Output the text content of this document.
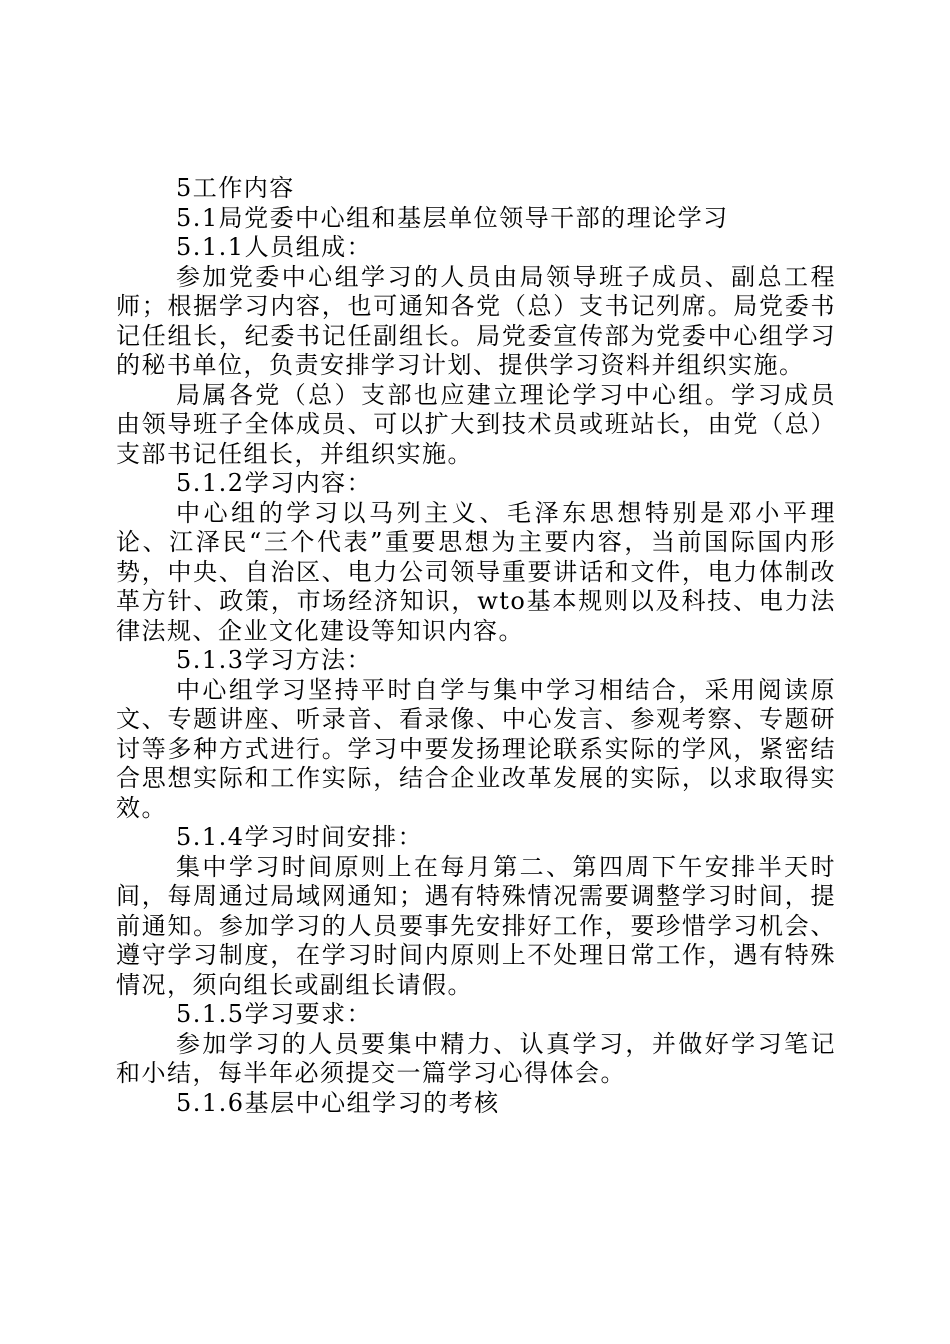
5工作内容

5.1局党委中心组和基层单位领导干部的理论学习

5.1.1人员组成：

参加党委中心组学习的人员由局领导班子成员、副总工程师；根据学习内容，也可通知各党（总）支书记列席。局党委书记任组长，纪委书记任副组长。局党委宣传部为党委中心组学习的秘书单位，负责安排学习计划、提供学习资料并组织实施。

局属各党（总）支部也应建立理论学习中心组。学习成员由领导班子全体成员、可以扩大到技术员或班站长，由党（总）支部书记任组长，并组织实施。

5.1.2学习内容：

中心组的学习以马列主义、毛泽东思想特别是邓小平理论、江泽民“三个代表”重要思想为主要内容，当前国际国内形势，中央、自治区、电力公司领导重要讲话和文件，电力体制改革方针、政策，市场经济知识，wto基本规则以及科技、电力法律法规、企业文化建设等知识内容。

5.1.3学习方法：

中心组学习坚持平时自学与集中学习相结合，采用阅读原文、专题讲座、听录音、看录像、中心发言、参观考察、专题研讨等多种方式进行。学习中要发扬理论联系实际的学风，紧密结合思想实际和工作实际，结合企业改革发展的实际，以求取得实效。

5.1.4学习时间安排：

集中学习时间原则上在每月第二、第四周下午安排半天时间，每周通过局域网通知；遇有特殊情况需要调整学习时间，提前通知。参加学习的人员要事先安排好工作，要珍惜学习机会、遵守学习制度，在学习时间内原则上不处理日常工作，遇有特殊情况，须向组长或副组长请假。

5.1.5学习要求：

参加学习的人员要集中精力、认真学习，并做好学习笔记和小结，每半年必须提交一篇学习心得体会。

5.1.6基层中心组学习的考核
